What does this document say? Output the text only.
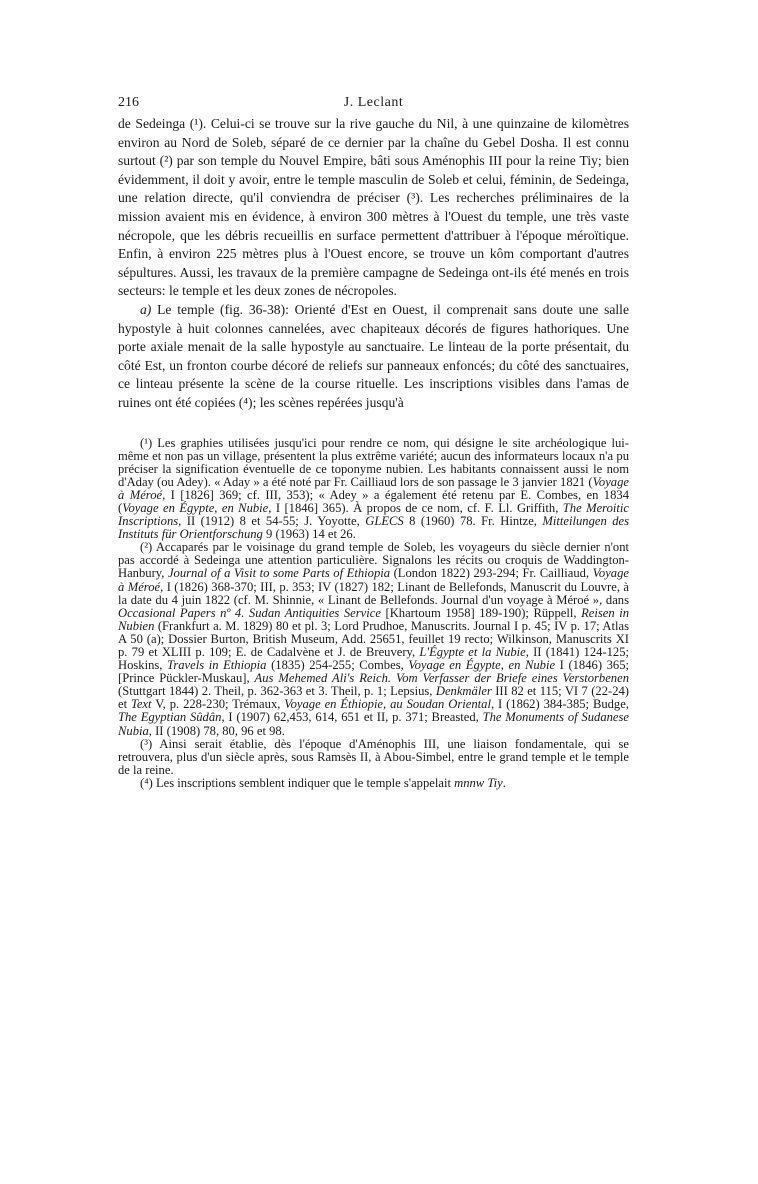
216	J. Leclant

de Sedeinga (¹). Celui-ci se trouve sur la rive gauche du Nil, à une quinzaine de kilomètres environ au Nord de Soleb, séparé de ce dernier par la chaîne du Gebel Dosha. Il est connu surtout (²) par son temple du Nouvel Empire, bâti sous Aménophis III pour la reine Tiy; bien évidemment, il doit y avoir, entre le temple masculin de Soleb et celui, féminin, de Sedeinga, une relation directe, qu'il conviendra de préciser (³). Les recherches préliminaires de la mission avaient mis en évidence, à environ 300 mètres à l'Ouest du temple, une très vaste nécropole, que les débris recueillis en surface permettent d'attribuer à l'époque méroïtique. Enfin, à environ 225 mètres plus à l'Ouest encore, se trouve un kôm comportant d'autres sépultures. Aussi, les travaux de la première campagne de Sedeinga ont-ils été menés en trois secteurs: le temple et les deux zones de nécropoles.

a) Le temple (fig. 36-38): Orienté d'Est en Ouest, il comprenait sans doute une salle hypostyle à huit colonnes cannelées, avec chapiteaux décorés de figures hathoriques. Une porte axiale menait de la salle hypostyle au sanctuaire. Le linteau de la porte présentait, du côté Est, un fronton courbe décoré de reliefs sur panneaux enfoncés; du côté des sanctuaires, ce linteau présente la scène de la course rituelle. Les inscriptions visibles dans l'amas de ruines ont été copiées (⁴); les scènes repérées jusqu'à

(¹) Les graphies utilisées jusqu'ici pour rendre ce nom, qui désigne le site archéologique lui-même et non pas un village, présentent la plus extrême variété; aucun des informateurs locaux n'a pu préciser la signification éventuelle de ce toponyme nubien. Les habitants connaissent aussi le nom d'Aday (ou Adey). « Aday » a été noté par Fr. Cailliaud lors de son passage le 3 janvier 1821 (Voyage à Méroé, I [1826] 369; cf. III, 353); « Adey » a également été retenu par E. Combes, en 1834 (Voyage en Égypte, en Nubie, I [1846] 365). À propos de ce nom, cf. F. Ll. Griffith, The Meroitic Inscriptions, II (1912) 8 et 54-55; J. Yoyotte, GLECS 8 (1960) 78. Fr. Hintze, Mitteilungen des Instituts für Orientforschung 9 (1963) 14 et 26.

(²) Accaparés par le voisinage du grand temple de Soleb, les voyageurs du siècle dernier n'ont pas accordé à Sedeinga une attention particulière. Signalons les récits ou croquis de Waddington-Hanbury, Journal of a Visit to some Parts of Ethiopia (London 1822) 293-294; Fr. Cailliaud, Voyage à Méroé, I (1826) 368-370; III, p. 353; IV (1827) 182; Linant de Bellefonds, Manuscrit du Louvre, à la date du 4 juin 1822 (cf. M. Shinnie, « Linant de Bellefonds. Journal d'un voyage à Méroé », dans Occasional Papers nº 4. Sudan Antiquities Service [Khartoum 1958] 189-190); Rüppell, Reisen in Nubien (Frankfurt a. M. 1829) 80 et pl. 3; Lord Prudhoe, Manuscrits. Journal I p. 45; IV p. 17; Atlas A 50 (a); Dossier Burton, British Museum, Add. 25651, feuillet 19 recto; Wilkinson, Manuscrits XI p. 79 et XLIII p. 109; E. de Cadalvène et J. de Breuvery, L'Égypte et la Nubie, II (1841) 124-125; Hoskins, Travels in Ethiopia (1835) 254-255; Combes, Voyage en Égypte, en Nubie I (1846) 365; [Prince Pückler-Muskau], Aus Mehemed Ali's Reich. Vom Verfasser der Briefe eines Verstorbenen (Stuttgart 1844) 2. Theil, p. 362-363 et 3. Theil, p. 1; Lepsius, Denkmäler III 82 et 115; VI 7 (22-24) et Text V, p. 228-230; Trémaux, Voyage en Éthiopie, au Soudan Oriental, I (1862) 384-385; Budge, The Egyptian Sûdân, I (1907) 62,453, 614, 651 et II, p. 371; Breasted, The Monuments of Sudanese Nubia, II (1908) 78, 80, 96 et 98.

(³) Ainsi serait établie, dès l'époque d'Aménophis III, une liaison fondamentale, qui se retrouvera, plus d'un siècle après, sous Ramsès II, à Abou-Simbel, entre le grand temple et le temple de la reine.

(⁴) Les inscriptions semblent indiquer que le temple s'appelait mnnw Tiy.
